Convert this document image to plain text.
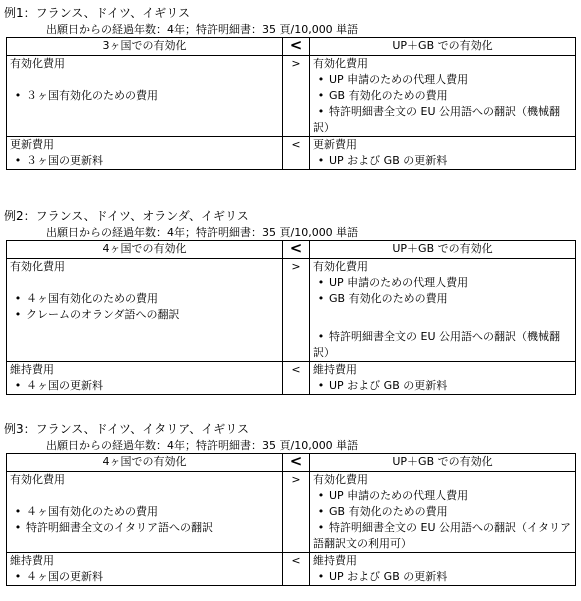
例1：フランス、ドイツ、イギリス
出願日からの経過年数：4年；特許明細書：35 頁/10,000 単語
3ヶ国での有効化	<	UP＋GB での有効化
有効化費用	>	有効化費用
		• UP 申請のための代理人費用
• ３ヶ国有効化のための費用		• GB 有効化のための費用
		• 特許明細書全文の EU 公用語への翻訳（機械翻訳）
更新費用	<	更新費用
• ３ヶ国の更新料		• UP および GB の更新料
例2：フランス、ドイツ、オランダ、イギリス
出願日からの経過年数：4年；特許明細書：35 頁/10,000 単語
4ヶ国での有効化	<	UP＋GB での有効化
有効化費用	>	有効化費用
		• UP 申請のための代理人費用
• ４ヶ国有効化のための費用		• GB 有効化のための費用
• クレームのオランダ語への翻訳		
		• 特許明細書全文の EU 公用語への翻訳（機械翻訳）
維持費用	<	維持費用
• ４ヶ国の更新料		• UP および GB の更新料
例3：フランス、ドイツ、イタリア、イギリス
出願日からの経過年数：4年；特許明細書：35 頁/10,000 単語
4ヶ国での有効化	<	UP＋GB での有効化
有効化費用	>	有効化費用
		• UP 申請のための代理人費用
• ４ヶ国有効化のための費用		• GB 有効化のための費用
• 特許明細書全文のイタリア語への翻訳		• 特許明細書全文の EU 公用語への翻訳（イタリア語翻訳文の利用可）
維持費用	<	維持費用
• ４ヶ国の更新料		• UP および GB の更新料
